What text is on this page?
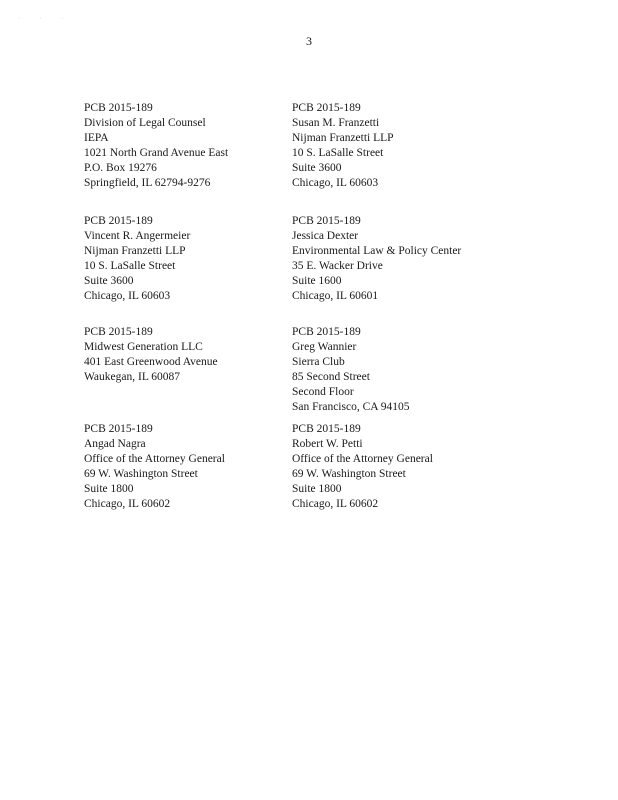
· · ·
3
PCB 2015-189
Division of Legal Counsel
IEPA
1021 North Grand Avenue East
P.O. Box 19276
Springfield, IL 62794-9276
PCB 2015-189
Susan M. Franzetti
Nijman Franzetti LLP
10 S. LaSalle Street
Suite 3600
Chicago, IL 60603
PCB 2015-189
Vincent R. Angermeier
Nijman Franzetti LLP
10 S. LaSalle Street
Suite 3600
Chicago, IL 60603
PCB 2015-189
Jessica Dexter
Environmental Law & Policy Center
35 E. Wacker Drive
Suite 1600
Chicago, IL 60601
PCB 2015-189
Midwest Generation LLC
401 East Greenwood Avenue
Waukegan, IL 60087
PCB 2015-189
Greg Wannier
Sierra Club
85 Second Street
Second Floor
San Francisco, CA 94105
PCB 2015-189
Angad Nagra
Office of the Attorney General
69 W. Washington Street
Suite 1800
Chicago, IL 60602
PCB 2015-189
Robert W. Petti
Office of the Attorney General
69 W. Washington Street
Suite 1800
Chicago, IL 60602
